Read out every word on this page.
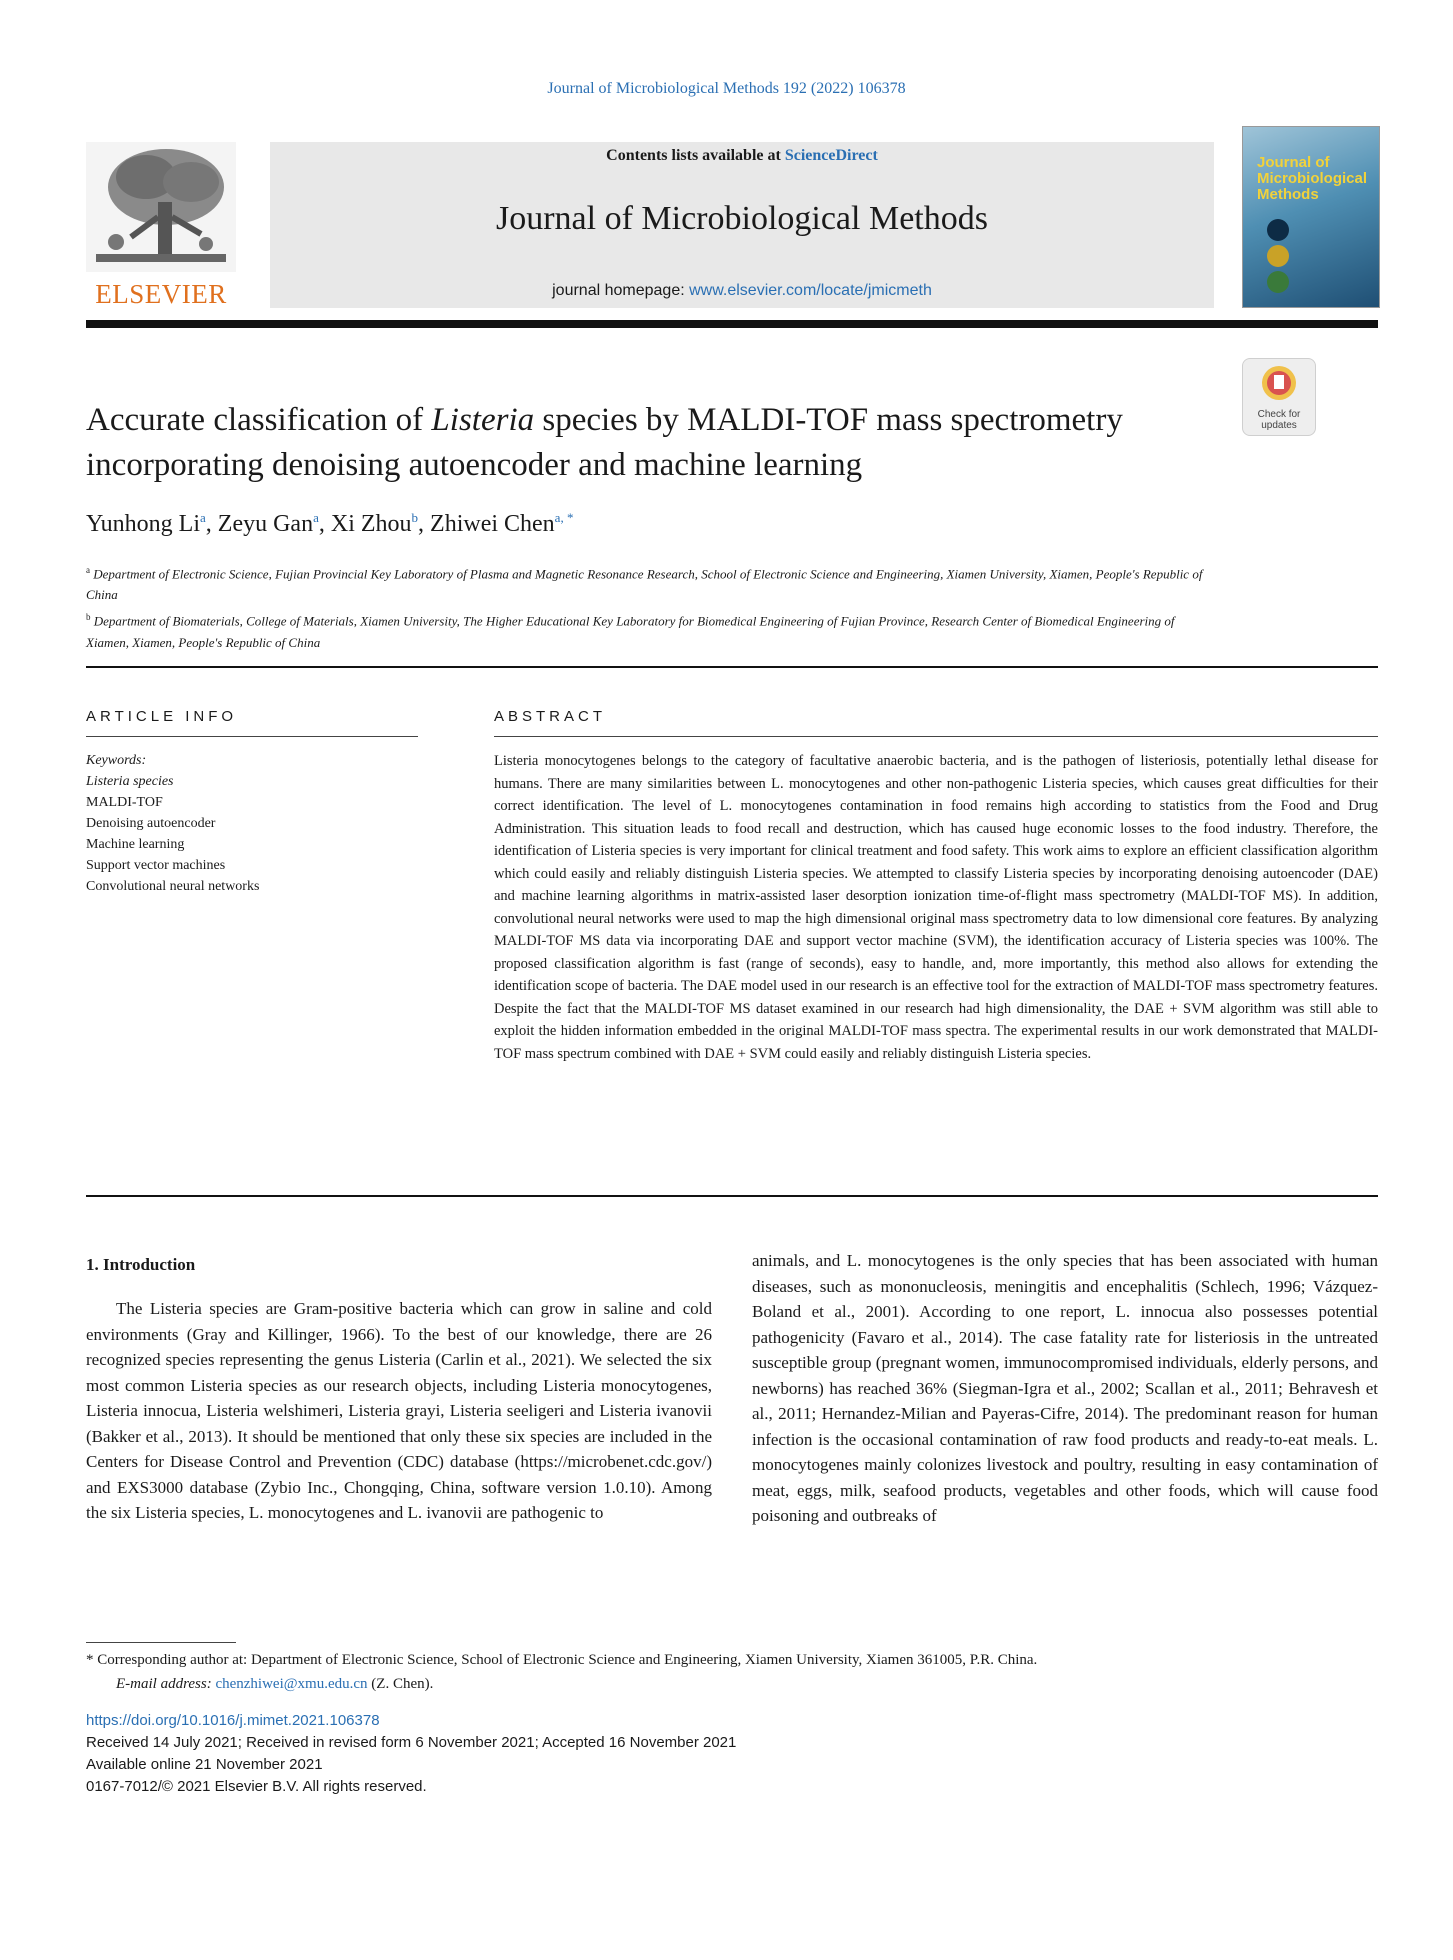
Journal of Microbiological Methods 192 (2022) 106378
ELSEVIER
Contents lists available at ScienceDirect
Journal of Microbiological Methods
journal homepage: www.elsevier.com/locate/jmicmeth
Journal of Microbiological Methods
Accurate classification of Listeria species by MALDI-TOF mass spectrometry incorporating denoising autoencoder and machine learning
Check for updates
Yunhong Li$^a$, Zeyu Gan$^a$, Xi Zhou$^b$, Zhiwei Chen$^{a, *}$

$^a$ Department of Electronic Science, Fujian Provincial Key Laboratory of Plasma and Magnetic Resonance Research, School of Electronic Science and Engineering, Xiamen University, Xiamen, People's Republic of China

$^b$ Department of Biomaterials, College of Materials, Xiamen University, The Higher Educational Key Laboratory for Biomedical Engineering of Fujian Province, Research Center of Biomedical Engineering of Xiamen, Xiamen, People's Republic of China

ARTICLE INFO
Keywords:
Listeria species
MALDI-TOF
Denoising autoencoder
Machine learning
Support vector machines
Convolutional neural networks
ABSTRACT
Listeria monocytogenes belongs to the category of facultative anaerobic bacteria, and is the pathogen of listeriosis, potentially lethal disease for humans. There are many similarities between L. monocytogenes and other non-pathogenic Listeria species, which causes great difficulties for their correct identification. The level of L. monocytogenes contamination in food remains high according to statistics from the Food and Drug Administration. This situation leads to food recall and destruction, which has caused huge economic losses to the food industry. Therefore, the identification of Listeria species is very important for clinical treatment and food safety. This work aims to explore an efficient classification algorithm which could easily and reliably distinguish Listeria species. We attempted to classify Listeria species by incorporating denoising autoencoder (DAE) and machine learning algorithms in matrix-assisted laser desorption ionization time-of-flight mass spectrometry (MALDI-TOF MS). In addition, convolutional neural networks were used to map the high dimensional original mass spectrometry data to low dimensional core features. By analyzing MALDI-TOF MS data via incorporating DAE and support vector machine (SVM), the identification accuracy of Listeria species was 100%. The proposed classification algorithm is fast (range of seconds), easy to handle, and, more importantly, this method also allows for extending the identification scope of bacteria. The DAE model used in our research is an effective tool for the extraction of MALDI-TOF mass spectrometry features. Despite the fact that the MALDI-TOF MS dataset examined in our research had high dimensionality, the DAE + SVM algorithm was still able to exploit the hidden information embedded in the original MALDI-TOF mass spectra. The experimental results in our work demonstrated that MALDI-TOF mass spectrum combined with DAE + SVM could easily and reliably distinguish Listeria species.
1. Introduction
The Listeria species are Gram-positive bacteria which can grow in saline and cold environments (Gray and Killinger, 1966). To the best of our knowledge, there are 26 recognized species representing the genus Listeria (Carlin et al., 2021). We selected the six most common Listeria species as our research objects, including Listeria monocytogenes, Listeria innocua, Listeria welshimeri, Listeria grayi, Listeria seeligeri and Listeria ivanovii (Bakker et al., 2013). It should be mentioned that only these six species are included in the Centers for Disease Control and Prevention (CDC) database (https://microbenet.cdc.gov/) and EXS3000 database (Zybio Inc., Chongqing, China, software version 1.0.10). Among the six Listeria species, L. monocytogenes and L. ivanovii are pathogenic to
animals, and L. monocytogenes is the only species that has been associated with human diseases, such as mononucleosis, meningitis and encephalitis (Schlech, 1996; Vázquez-Boland et al., 2001). According to one report, L. innocua also possesses potential pathogenicity (Favaro et al., 2014). The case fatality rate for listeriosis in the untreated susceptible group (pregnant women, immunocompromised individuals, elderly persons, and newborns) has reached 36% (Siegman-Igra et al., 2002; Scallan et al., 2011; Behravesh et al., 2011; Hernandez-Milian and Payeras-Cifre, 2014). The predominant reason for human infection is the occasional contamination of raw food products and ready-to-eat meals. L. monocytogenes mainly colonizes livestock and poultry, resulting in easy contamination of meat, eggs, milk, seafood products, vegetables and other foods, which will cause food poisoning and outbreaks of
* Corresponding author at: Department of Electronic Science, School of Electronic Science and Engineering, Xiamen University, Xiamen 361005, P.R. China.
E-mail address: chenzhiwei@xmu.edu.cn (Z. Chen).
https://doi.org/10.1016/j.mimet.2021.106378
Received 14 July 2021; Received in revised form 6 November 2021; Accepted 16 November 2021
Available online 21 November 2021
0167-7012/© 2021 Elsevier B.V. All rights reserved.
